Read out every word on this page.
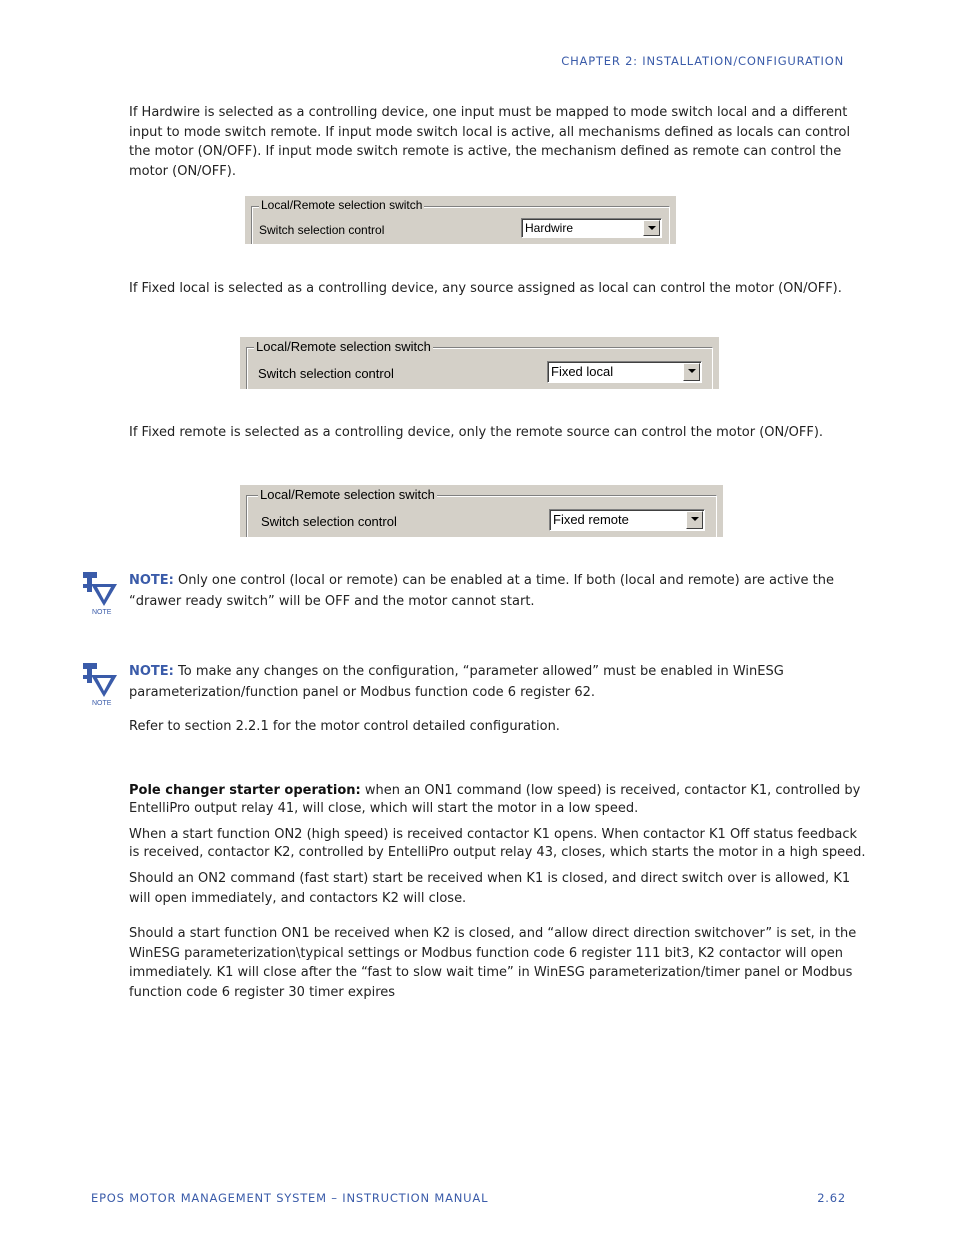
CHAPTER 2: INSTALLATION/CONFIGURATION
If Hardwire is selected as a controlling device, one input must be mapped to mode switch local and a different input to mode switch remote. If input mode switch local is active, all mechanisms defined as locals can control the motor (ON/OFF). If input mode switch remote is active, the mechanism defined as remote can control the motor (ON/OFF).
Local/Remote selection switch
Switch selection control	Hardwire
If Fixed local is selected as a controlling device, any source assigned as local can control the motor (ON/OFF).
Local/Remote selection switch
Switch selection control	Fixed local
If Fixed remote is selected as a controlling device, only the remote source can control the motor (ON/OFF).
Local/Remote selection switch
Switch selection control	Fixed remote
NOTE
NOTE: Only one control (local or remote) can be enabled at a time. If both (local and remote) are active the “drawer ready switch” will be OFF and the motor cannot start.
NOTE
NOTE: To make any changes on the configuration, “parameter allowed” must be enabled in WinESG parameterization/function panel or Modbus function code 6 register 62.
Refer to section 2.2.1 for the motor control detailed configuration.
Pole changer starter operation: when an ON1 command (low speed) is received, contactor K1, controlled by EntelliPro output relay 41, will close, which will start the motor in a low speed.
When a start function ON2 (high speed) is received contactor K1 opens. When contactor K1 Off status feedback is received, contactor K2, controlled by EntelliPro output relay 43, closes, which starts the motor in a high speed.
Should an ON2 command (fast start) start be received when K1 is closed, and direct switch over is allowed, K1 will open immediately, and contactors K2 will close.
Should a start function ON1 be received when K2 is closed, and “allow direct direction switchover” is set, in the WinESG parameterization\typical settings or Modbus function code 6 register 111 bit3, K2 contactor will open immediately. K1 will close after the “fast to slow wait time” in WinESG parameterization/timer panel or Modbus function code 6 register 30 timer expires
EPOS MOTOR MANAGEMENT SYSTEM – INSTRUCTION MANUAL	2.62
